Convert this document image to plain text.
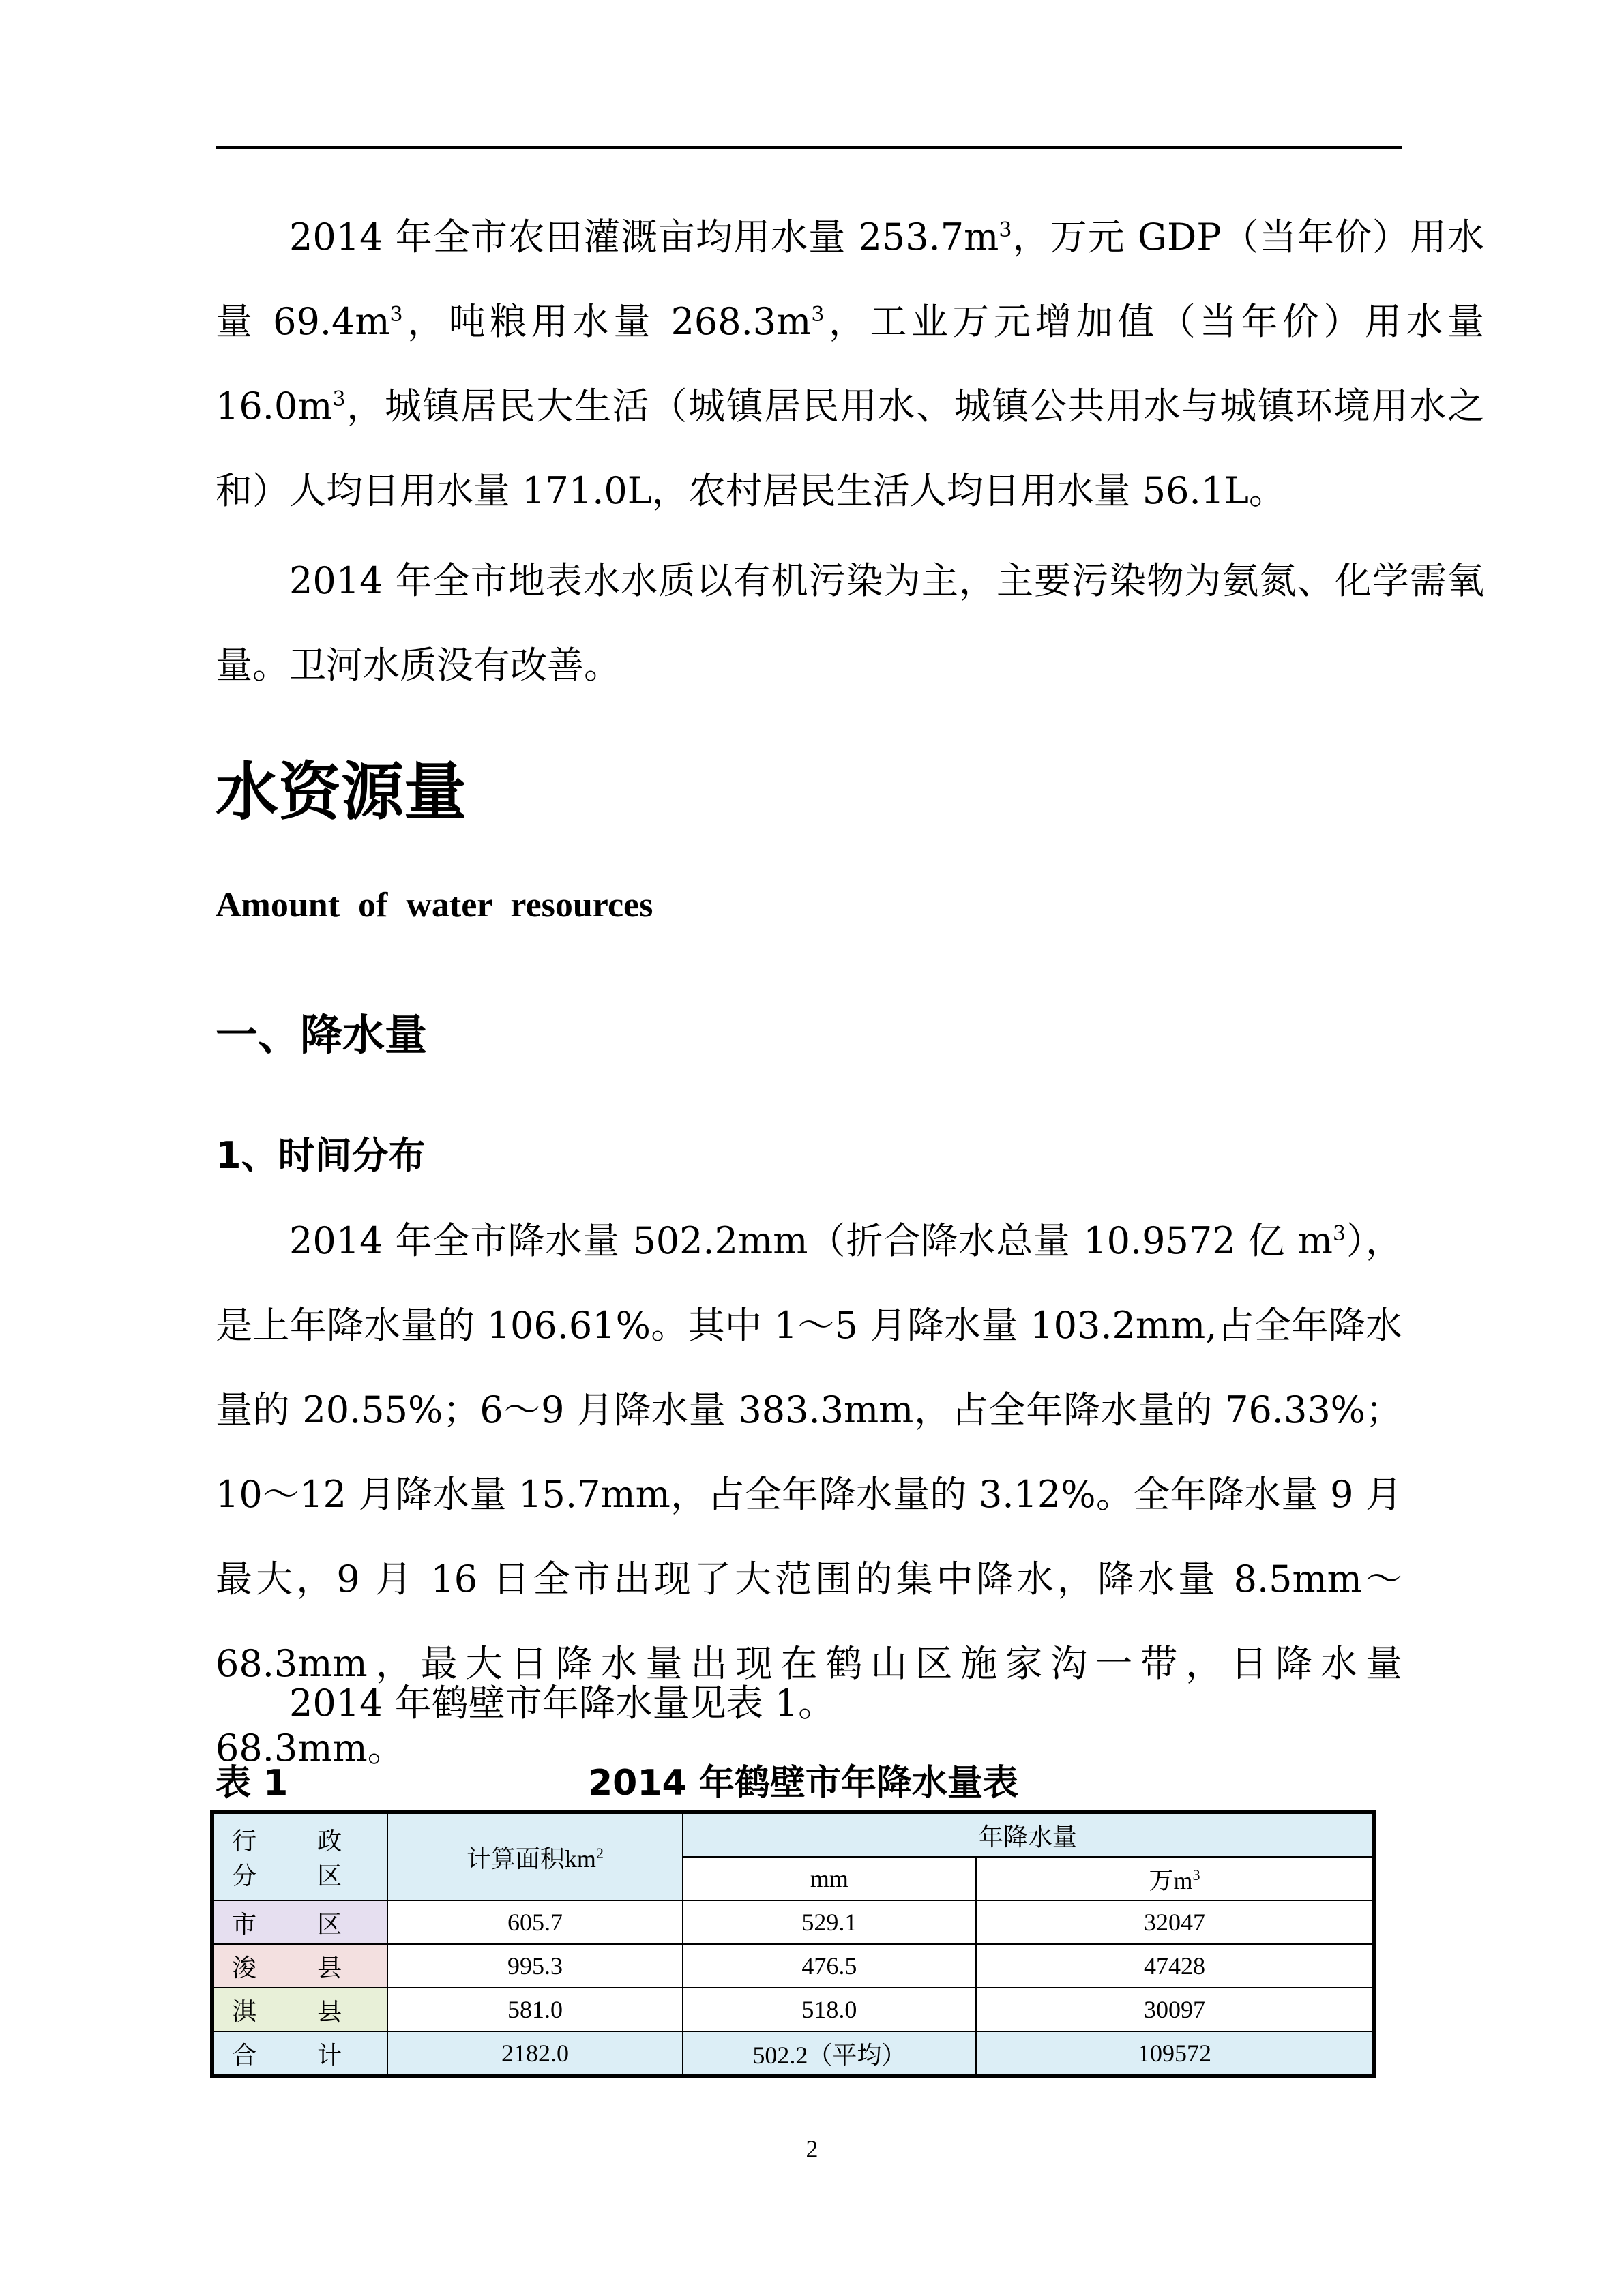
2014 年全市农田灌溉亩均用水量 $253.7m^3$，万元 GDP（当年价）用水量 $69.4m^3$，吨粮用水量 $268.3m^3$，工业万元增加值（当年价）用水量 $16.0m^3$，城镇居民大生活（城镇居民用水、城镇公共用水与城镇环境用水之和）人均日用水量 171.0L，农村居民生活人均日用水量 56.1L。

2014 年全市地表水水质以有机污染为主，主要污染物为氨氮、化学需氧量。卫河水质没有改善。

水资源量

Amount of water resources

一、降水量
1、时间分布

2014 年全市降水量 502.2mm（折合降水总量 10.9572 亿 $m^3$），是上年降水量的 106.61%。其中 1～5 月降水量 103.2mm,占全年降水量的 20.55%；6～9 月降水量 383.3mm，占全年降水量的 76.33%；10～12 月降水量 15.7mm，占全年降水量的 3.12%。全年降水量 9 月最大，9 月 16 日全市出现了大范围的集中降水，降水量 8.5mm～68.3mm，最大日降水量出现在鹤山区施家沟一带，日降水量 68.3mm。

2014 年鹤壁市年降水量见表 1。

表 1	2014 年鹤壁市年降水量表
行 政
分 区	计算面积$km^2$	年降水量	
		mm	万$m^3$
市 区	605.7	529.1	32047
浚 县	995.3	476.5	47428
淇 县	581.0	518.0	30097
合 计	2182.0	502.2（平均）	109572
2
